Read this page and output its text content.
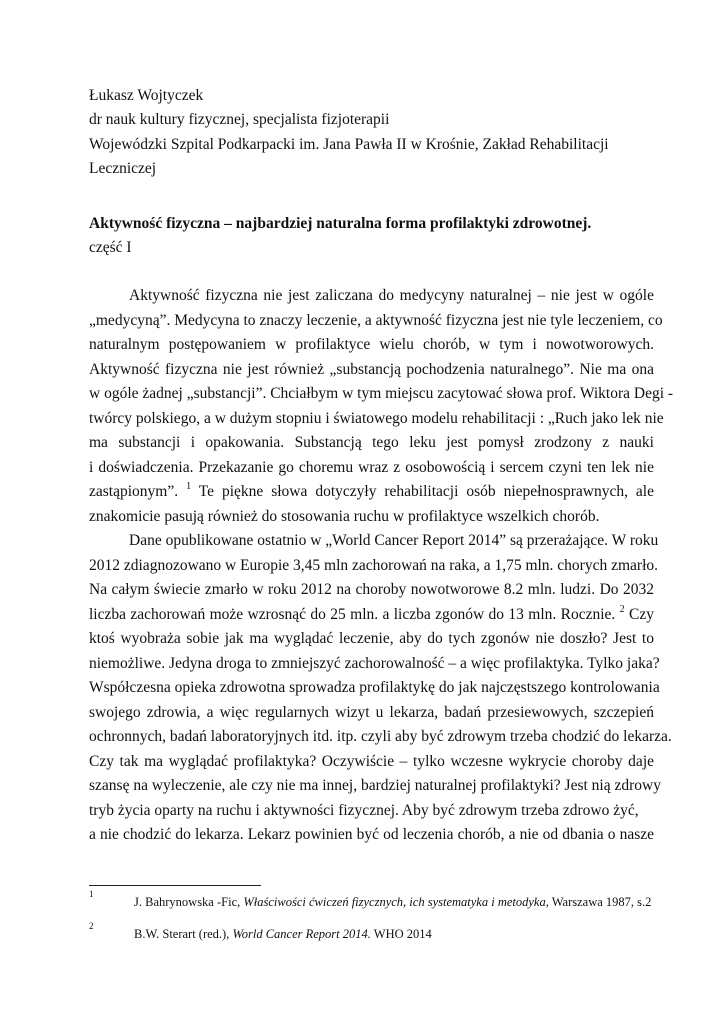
Łukasz Wojtyczek
dr nauk kultury fizycznej, specjalista fizjoterapii
Wojewódzki Szpital Podkarpacki im. Jana Pawła II w Krośnie, Zakład Rehabilitacji
Leczniczej
Aktywność fizyczna – najbardziej naturalna forma profilaktyki zdrowotnej.
część I
Aktywność fizyczna nie jest zaliczana do medycyny naturalnej – nie jest w ogóle
„medycyną”. Medycyna to znaczy leczenie, a aktywność fizyczna jest nie tyle leczeniem, co
naturalnym postępowaniem w profilaktyce wielu chorób, w tym i nowotworowych.
Aktywność fizyczna nie jest również „substancją pochodzenia naturalnego”. Nie ma ona
w ogóle żadnej „substancji”. Chciałbym w tym miejscu zacytować słowa prof. Wiktora Degi -
twórcy polskiego, a w dużym stopniu i światowego modelu rehabilitacji : „Ruch jako lek nie
ma substancji i opakowania. Substancją tego leku jest pomysł zrodzony z nauki
i doświadczenia. Przekazanie go choremu wraz z osobowością i sercem czyni ten lek nie
zastąpionym”. $^1$ Te piękne słowa dotyczyły rehabilitacji osób niepełnosprawnych, ale
znakomicie pasują również do stosowania ruchu w profilaktyce wszelkich chorób.
Dane opublikowane ostatnio w „World Cancer Report 2014” są przerażające. W roku
2012 zdiagnozowano w Europie 3,45 mln zachorowań na raka, a 1,75 mln. chorych zmarło.
Na całym świecie zmarło w roku 2012 na choroby nowotworowe 8.2 mln. ludzi. Do 2032
liczba zachorowań może wzrosnąć do 25 mln. a liczba zgonów do 13 mln. Rocznie. $^2$ Czy
ktoś wyobraża sobie jak ma wyglądać leczenie, aby do tych zgonów nie doszło? Jest to
niemożliwe. Jedyna droga to zmniejszyć zachorowalność – a więc profilaktyka. Tylko jaka?
Współczesna opieka zdrowotna sprowadza profilaktykę do jak najczęstszego kontrolowania
swojego zdrowia, a więc regularnych wizyt u lekarza, badań przesiewowych, szczepień
ochronnych, badań laboratoryjnych itd. itp. czyli aby być zdrowym trzeba chodzić do lekarza.
Czy tak ma wyglądać profilaktyka? Oczywiście – tylko wczesne wykrycie choroby daje
szansę na wyleczenie, ale czy nie ma innej, bardziej naturalnej profilaktyki? Jest nią zdrowy
tryb życia oparty na ruchu i aktywności fizycznej. Aby być zdrowym trzeba zdrowo żyć,
a nie chodzić do lekarza. Lekarz powinien być od leczenia chorób, a nie od dbania o nasze
1
J. Bahrynowska -Fic, Właściwości ćwiczeń fizycznych, ich systematyka i metodyka, Warszawa 1987, s.2
2
B.W. Sterart (red.), World Cancer Report 2014. WHO 2014
